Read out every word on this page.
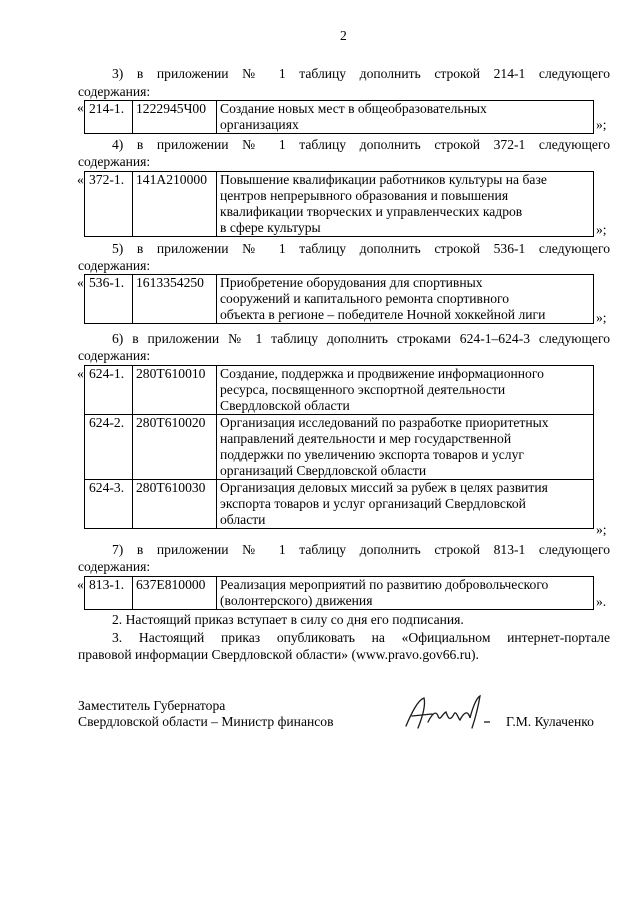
2
3) в приложении № 1 таблицу дополнить строкой 214-1 следующего
содержания:
« 214-1. 1222945Ч00	Создание новых мест в общеобразовательных
организациях	»;
4) в приложении № 1 таблицу дополнить строкой 372-1 следующего
содержания:
« 372-1. 141A210000 Повышение квалификации работников культуры на базе
центров непрерывного образования и повышения
квалификации творческих и управленческих кадров
в сфере культуры	»;
5) в приложении № 1 таблицу дополнить строкой 536-1 следующего
содержания:
« 536-1. 1613354250	Приобретение оборудования для спортивных
сооружений и капитального ремонта спортивного
объекта в регионе – победителе Ночной хоккейной лиги	»;
6) в приложении № 1 таблицу дополнить строками 624-1–624-3 следующего
содержания:
« 624-1. 280T610010	Создание, поддержка и продвижение информационного
ресурса, посвященного экспортной деятельности
Свердловской области
624-2. 280T610020	Организация исследований по разработке приоритетных
направлений деятельности и мер государственной
поддержки по увеличению экспорта товаров и услуг
организаций Свердловской области
624-3. 280T610030	Организация деловых миссий за рубеж в целях развития
экспорта товаров и услуг организаций Свердловской
области
»;
7) в приложении № 1 таблицу дополнить строкой 813-1 следующего
содержания:
« 813-1. 637E810000	Реализация мероприятий по развитию добровольческого
(волонтерского) движения	».
2. Настоящий приказ вступает в силу со дня его подписания.
3. Настоящий приказ опубликовать на «Официальном интернет-портале
правовой информации Свердловской области» (www.pravo.gov66.ru).
Заместитель Губернатора
Свердловской области – Министр финансов	Г.М. Кулаченко
